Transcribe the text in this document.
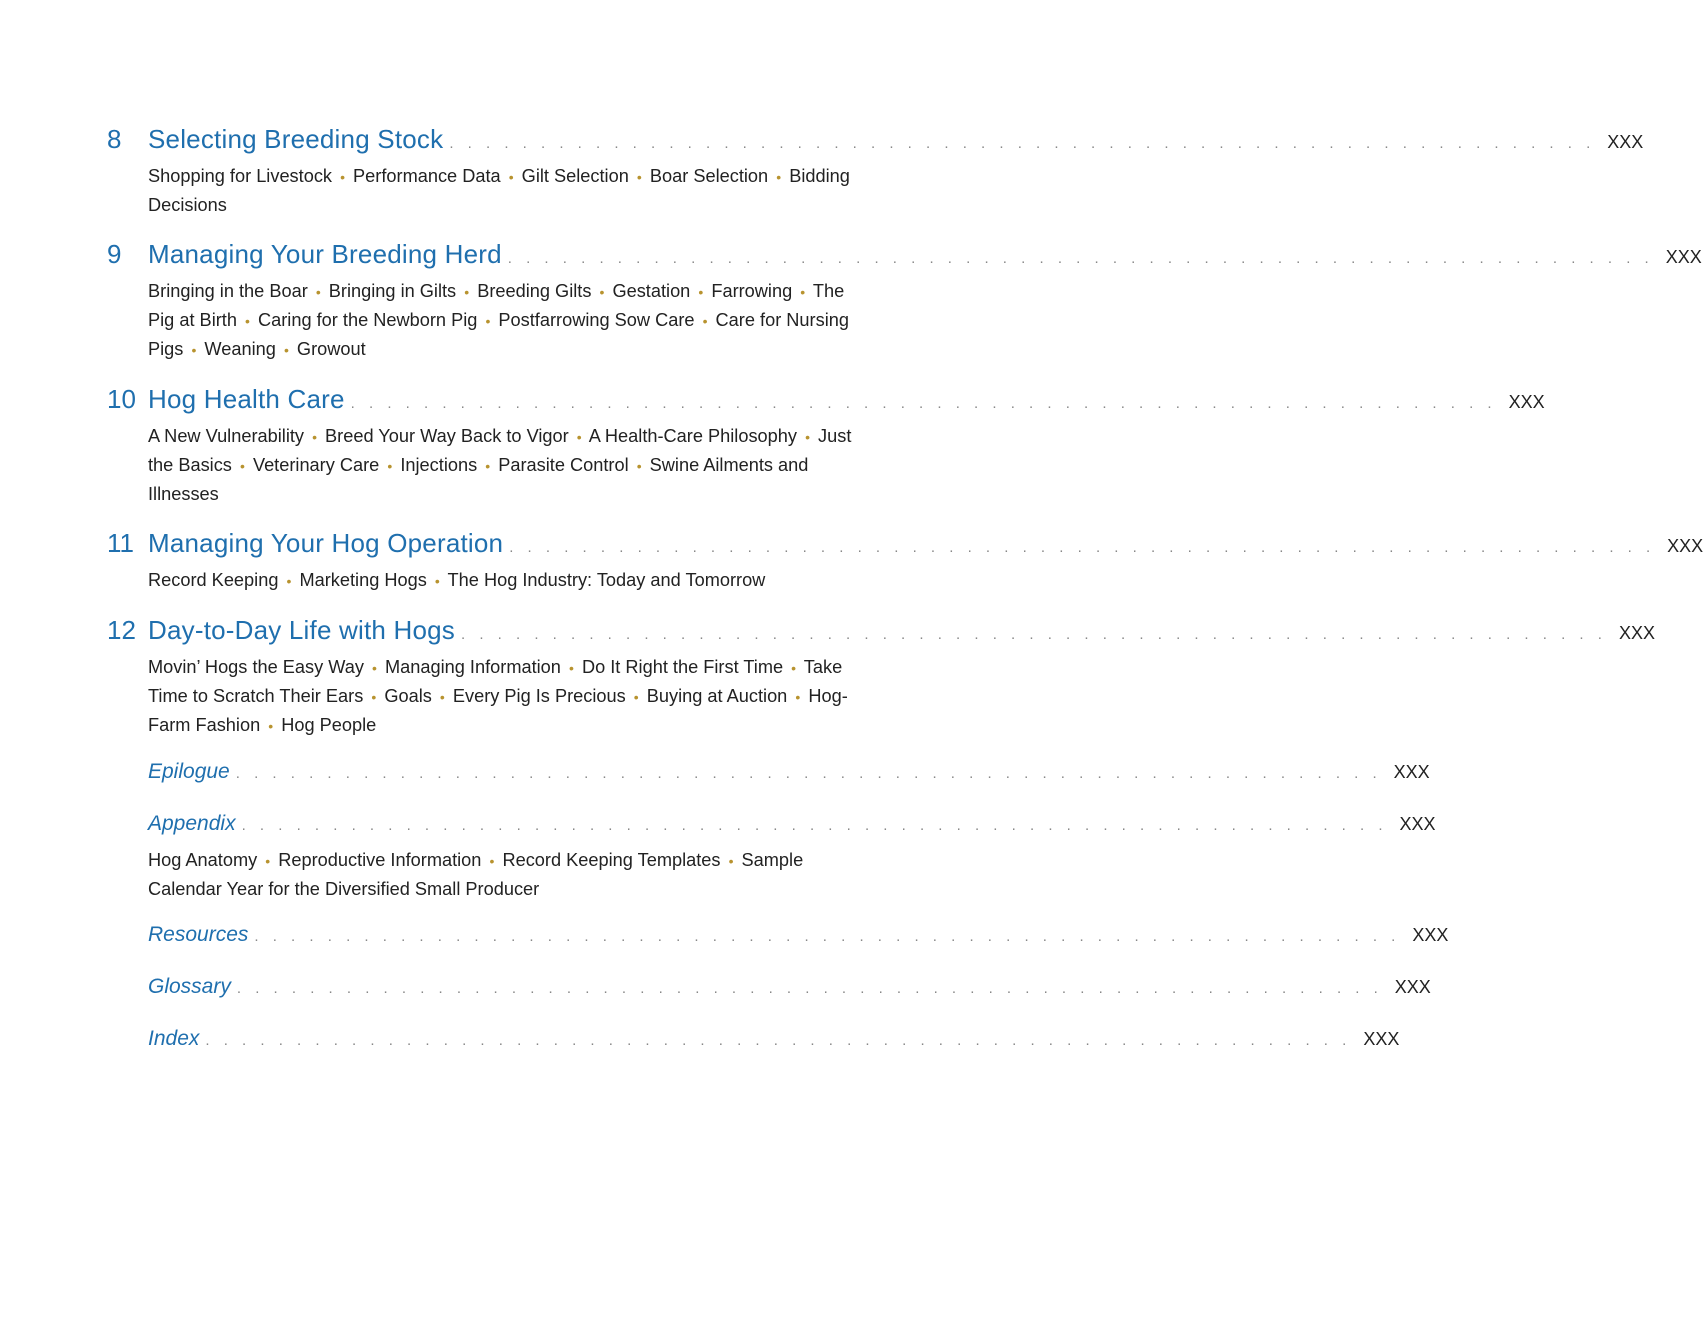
8	Selecting Breeding Stock . . . . . . . . . . . . . . . . . . . . . . . . . . . . . . . . . . . . . . . . . . . . . . . . . . . . . . . . . . . . . . . XXX
Shopping for Livestock • Performance Data • Gilt Selection • Boar Selection • Bidding Decisions
9	Managing Your Breeding Herd . . . . . . . . . . . . . . . . . . . . . . . . . . . . . . . . . . . . . . . . . . . . . . . . . . . . . . . . . . . . . . . XXX
Bringing in the Boar • Bringing in Gilts • Breeding Gilts • Gestation • Farrowing • The Pig at Birth • Caring for the Newborn Pig • Postfarrowing Sow Care • Care for Nursing Pigs • Weaning • Growout
10 Hog Health Care . . . . . . . . . . . . . . . . . . . . . . . . . . . . . . . . . . . . . . . . . . . . . . . . . . . . . . . . . . . . . . . XXX
A New Vulnerability • Breed Your Way Back to Vigor • A Health-Care Philosophy • Just the Basics • Veterinary Care • Injections • Parasite Control • Swine Ailments and Illnesses
11 Managing Your Hog Operation . . . . . . . . . . . . . . . . . . . . . . . . . . . . . . . . . . . . . . . . . . . . . . . . . . . . . . . . . . . . . . . XXX
Record Keeping • Marketing Hogs • The Hog Industry: Today and Tomorrow
12 Day-to-Day Life with Hogs . . . . . . . . . . . . . . . . . . . . . . . . . . . . . . . . . . . . . . . . . . . . . . . . . . . . . . . . . . . . . . . XXX
Movin’ Hogs the Easy Way • Managing Information • Do It Right the First Time • Take Time to Scratch Their Ears • Goals • Every Pig Is Precious • Buying at Auction • Hog-Farm Fashion • Hog People
Epilogue . . . . . . . . . . . . . . . . . . . . . . . . . . . . . . . . . . . . . . . . . . . . . . . . . . . . . . . . . . . . . . . XXX
Appendix . . . . . . . . . . . . . . . . . . . . . . . . . . . . . . . . . . . . . . . . . . . . . . . . . . . . . . . . . . . . . . . XXX
Hog Anatomy • Reproductive Information • Record Keeping Templates • Sample Calendar Year for the Diversified Small Producer
Resources . . . . . . . . . . . . . . . . . . . . . . . . . . . . . . . . . . . . . . . . . . . . . . . . . . . . . . . . . . . . . . . XXX
Glossary . . . . . . . . . . . . . . . . . . . . . . . . . . . . . . . . . . . . . . . . . . . . . . . . . . . . . . . . . . . . . . . XXX
Index . . . . . . . . . . . . . . . . . . . . . . . . . . . . . . . . . . . . . . . . . . . . . . . . . . . . . . . . . . . . . . . XXX
